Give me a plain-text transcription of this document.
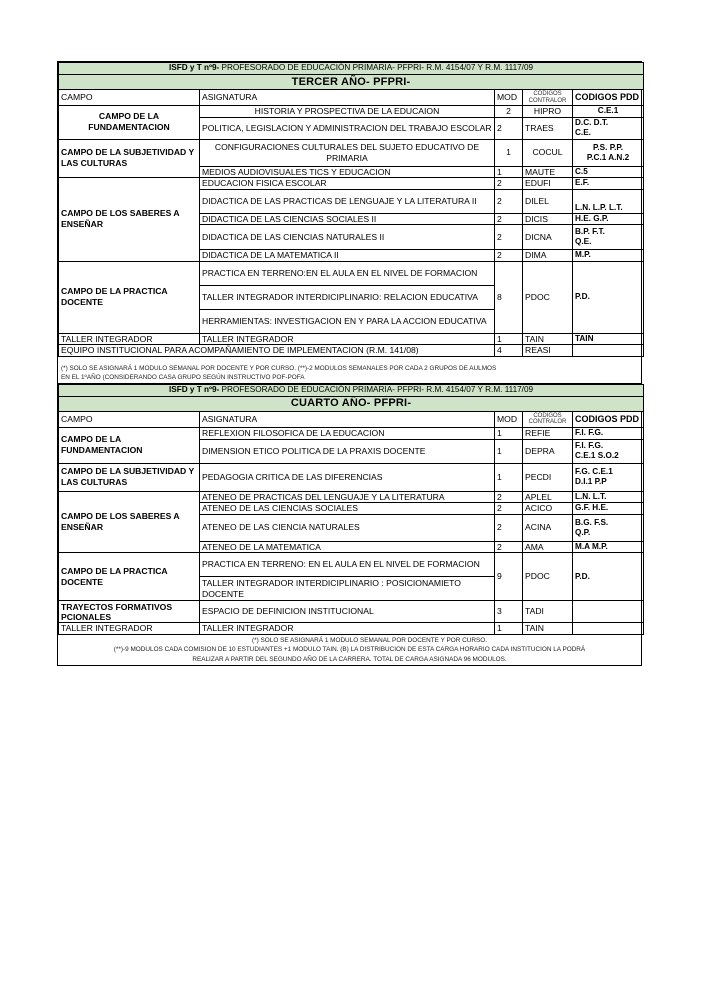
ISFD y T nº9- PROFESORADO DE EDUCACIÓN PRIMARIA- PFPRI- R.M. 4154/07 Y R.M. 1117/09				
TERCER AÑO- PFPRI-				
CAMPO	ASIGNATURA	MOD	CODIGOS CONTRALOR	CODIGOS PDD
CAMPO DE LA FUNDAMENTACION	HISTORIA Y PROSPECTIVA DE LA EDUCAION	2	HIPRO	C.E.1
	POLITICA, LEGISLACION Y ADMINISTRACION DEL TRABAJO ESCOLAR	2	TRAES	D.C. D.T.
C.E.
CAMPO DE LA SUBJETIVIDAD Y LAS CULTURAS	CONFIGURACIONES CULTURALES DEL SUJETO EDUCATIVO DE PRIMARIA	1	COCUL	P.S. P.P.
P.C.1 A.N.2
	MEDIOS AUDIOVISUALES TICS Y EDUCACION	1	MAUTE	C.5
CAMPO DE LOS SABERES A ENSEÑAR	EDUCACION FISICA ESCOLAR	2	EDUFI	E.F.
	DIDACTICA DE LAS PRACTICAS DE LENGUAJE Y LA LITERATURA II	2	DILEL	L.N. L.P. L.T.
	DIDACTICA DE LAS CIENCIAS SOCIALES II	2	DICIS	H.E. G.P.
	DIDACTICA DE LAS CIENCIAS NATURALES II	2	DICNA	B.P. F.T.
Q.E.
	DIDACTICA DE LA MATEMATICA II	2	DIMA	M.P.
CAMPO DE LA PRACTICA DOCENTE	PRACTICA EN TERRENO:EN EL AULA EN EL NIVEL DE FORMACION	8	PDOC	P.D.
	TALLER INTEGRADOR INTERDICIPLINARIO: RELACION EDUCATIVA			
	HERRAMIENTAS: INVESTIGACION EN Y PARA LA ACCION EDUCATIVA			
TALLER INTEGRADOR	TALLER INTEGRADOR	1	TAIN	TAIN
EQUIPO INSTITUCIONAL PARA ACOMPAÑAMIENTO DE IMPLEMENTACION (R.M. 141/08)		4	REASI	
(*) SOLO SE ASIGNARÁ 1 MODULO SEMANAL POR DOCENTE Y POR CURSO. (**)-2 MODULOS SEMANALES POR CADA 2 GRUPOS DE AULMOS
EN EL 1ºAÑO (CONSIDERANDO CASA GRUPO SEGÚN INSTRUCTIVO POF-POFA
ISFD y T nº9- PROFESORADO DE EDUCACIÓN PRIMARIA- PFPRI- R.M. 4154/07 Y R.M. 1117/09				
CUARTO AÑO- PFPRI-				
CAMPO	ASIGNATURA	MOD	CODIGOS CONTRALOR	CODIGOS PDD
CAMPO DE LA FUNDAMENTACION	REFLEXION FILOSOFICA DE LA EDUCACION	1	REFIE	F.I. F.G.
	DIMENSION ETICO POLITICA DE LA PRAXIS DOCENTE	1	DEPRA	F.I. F.G.
C.E.1 S.O.2
CAMPO DE LA SUBJETIVIDAD Y LAS CULTURAS	PEDAGOGIA CRITICA DE LAS DIFERENCIAS	1	PECDI	F.G. C.E.1
D.I.1 P.P
CAMPO DE LOS SABERES A ENSEÑAR	ATENEO DE PRACTICAS DEL LENGUAJE Y LA LITERATURA	2	APLEL	L.N. L.T.
	ATENEO DE LAS CIENCIAS SOCIALES	2	ACICO	G.F. H.E.
	ATENEO DE LAS CIENCIA NATURALES	2	ACINA	B.G. F.S.
Q.P.
	ATENEO DE LA MATEMATICA	2	AMA	M.A M.P.
CAMPO DE LA PRACTICA DOCENTE	PRACTICA EN TERRENO: EN EL AULA EN EL NIVEL DE FORMACION	9	PDOC	P.D.
	TALLER INTEGRADOR INTERDICIPLINARIO : POSICIONAMIETO DOCENTE			
TRAYECTOS FORMATIVOS PCIONALES	ESPACIO DE DEFINICION INSTITUCIONAL	3	TADI	
TALLER INTEGRADOR	TALLER INTEGRADOR	1	TAIN	
(*) SOLO SE ASIGNARÁ 1 MODULO SEMANAL POR DOCENTE Y POR CURSO.
(**)-9 MODULOS CADA COMISION DE 10 ESTUDIANTES +1 MODULO TAIN. (B) LA DISTRIBUCION DE ESTA CARGA HORARIO CADA INSTITUCION LA PODRÁ
REALIZAR A PARTIR DEL SEGUNDO AÑO DE LA CARRERA. TOTAL DE CARGA ASIGNADA 96 MODULOS.
